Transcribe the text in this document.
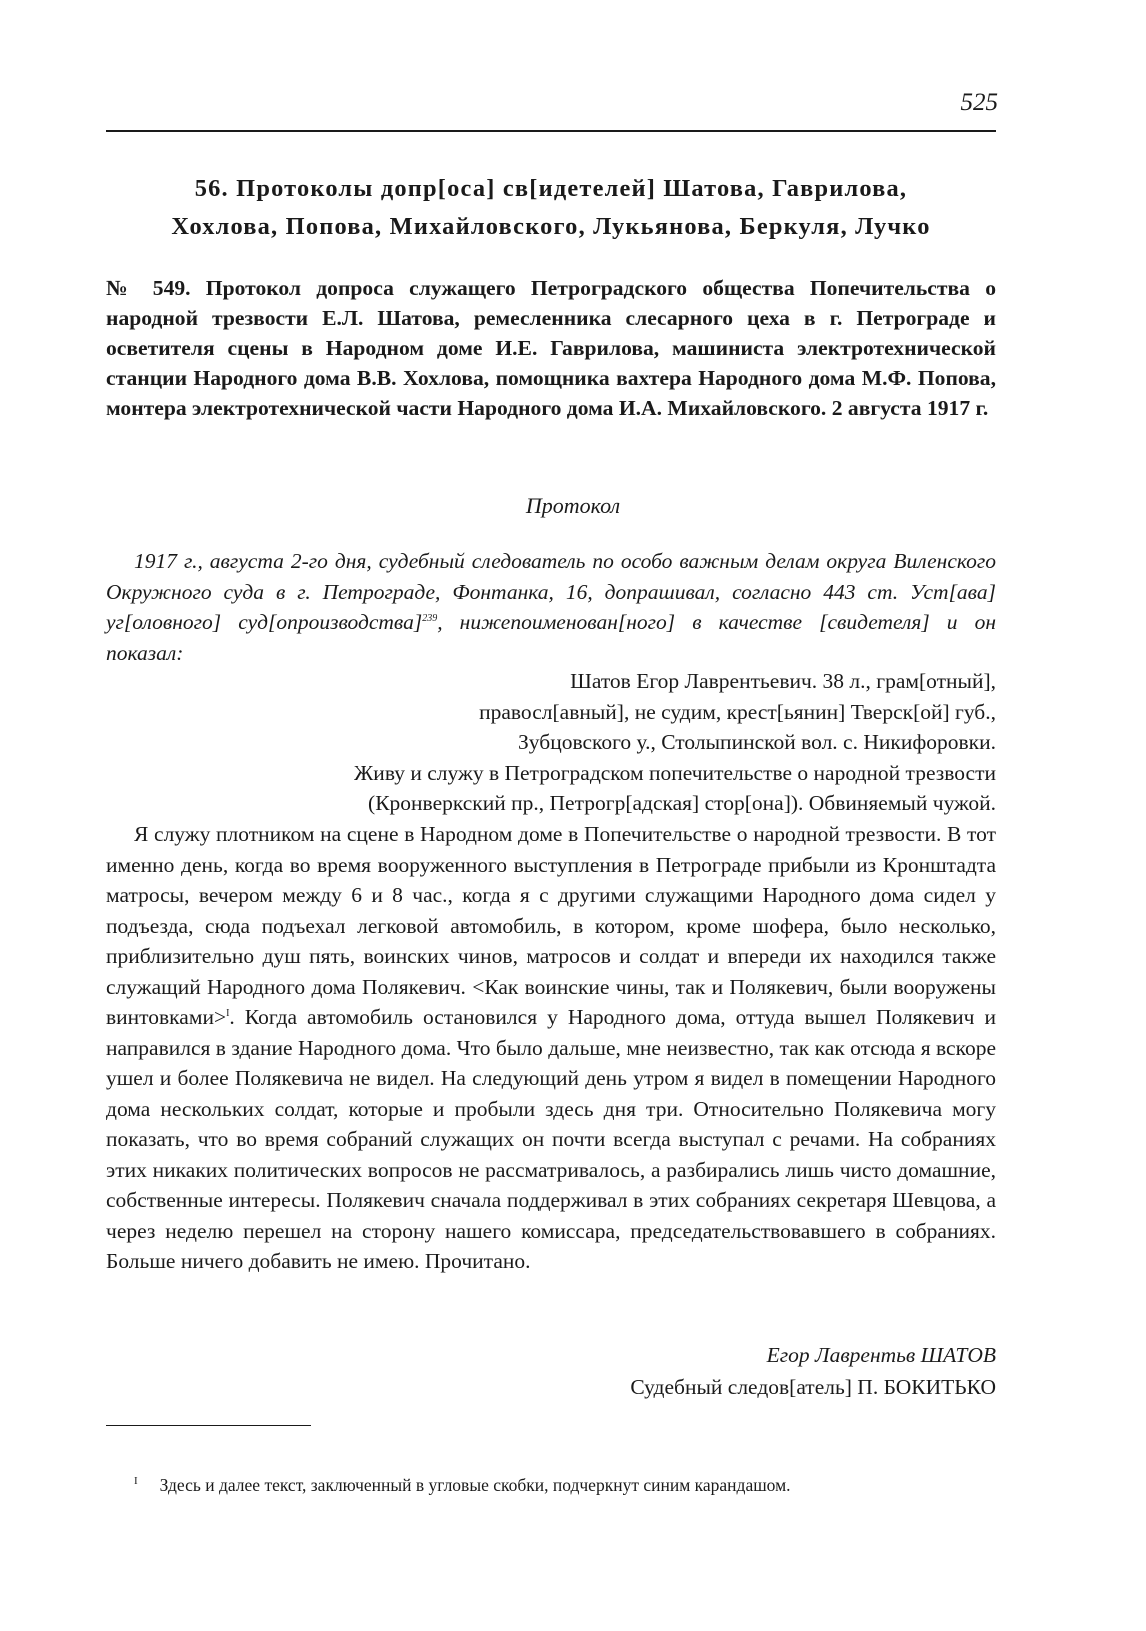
525
56. Протоколы допр[оса] св[идетелей] Шатова, Гаврилова,
Хохлова, Попова, Михайловского, Лукьянова, Беркуля, Лучко

№ 549. Протокол допроса служащего Петроградского общества Попечительства о народной трезвости Е.Л. Шатова, ремесленника слесарного цеха в г. Петрограде и осветителя сцены в Народном доме И.Е. Гаврилова, машиниста электротехнической станции Народного дома В.В. Хохлова, помощника вахтера Народного дома М.Ф. Попова, монтера электротехнической части Народного дома И.А. Михайловского. 2 августа 1917 г.

Протокол

1917 г., августа 2-го дня, судебный следователь по особо важным делам округа Виленского Окружного суда в г. Петрограде, Фонтанка, 16, допрашивал, согласно 443 ст. Уст[ава] уг[оловного] суд[опроизводства]$^{239}$, нижепоименован[ного] в качестве [свидетеля] и он показал:

Шатов Егор Лаврентьевич. 38 л., грам[отный],
правосл[авный], не судим, крест[ьянин] Тверск[ой] губ.,
Зубцовского у., Столыпинской вол. с. Никифоровки.
Живу и служу в Петроградском попечительстве о народной трезвости
(Кронверкский пр., Петрогр[адская] стор[она]). Обвиняемый чужой.

Я служу плотником на сцене в Народном доме в Попечительстве о народной трезвости. В тот именно день, когда во время вооруженного выступления в Петрограде прибыли из Кронштадта матросы, вечером между 6 и 8 час., когда я с другими служащими Народного дома сидел у подъезда, сюда подъехал легковой автомобиль, в котором, кроме шофера, было несколько, приблизительно душ пять, воинских чинов, матросов и солдат и впереди их находился также служащий Народного дома Полякевич. <Как воинские чины, так и Полякевич, были вооружены винтовками>$^I$. Когда автомобиль остановился у Народного дома, оттуда вышел Полякевич и направился в здание Народного дома. Что было дальше, мне неизвестно, так как отсюда я вскоре ушел и более Полякевича не видел. На следующий день утром я видел в помещении Народного дома нескольких солдат, которые и пробыли здесь дня три. Относительно Полякевича могу показать, что во время собраний служащих он почти всегда выступал с речами. На собраниях этих никаких политических вопросов не рассматривалось, а разбирались лишь чисто домашние, собственные интересы. Полякевич сначала поддерживал в этих собраниях секретаря Шевцова, а через неделю перешел на сторону нашего комиссара, председательствовавшего в собраниях. Больше ничего добавить не имею. Прочитано.

Егор Лаврентьв ШАТОВ
Судебный следов[атель] П. БОКИТЬКО
$^I$ Здесь и далее текст, заключенный в угловые скобки, подчеркнут синим карандашом.
